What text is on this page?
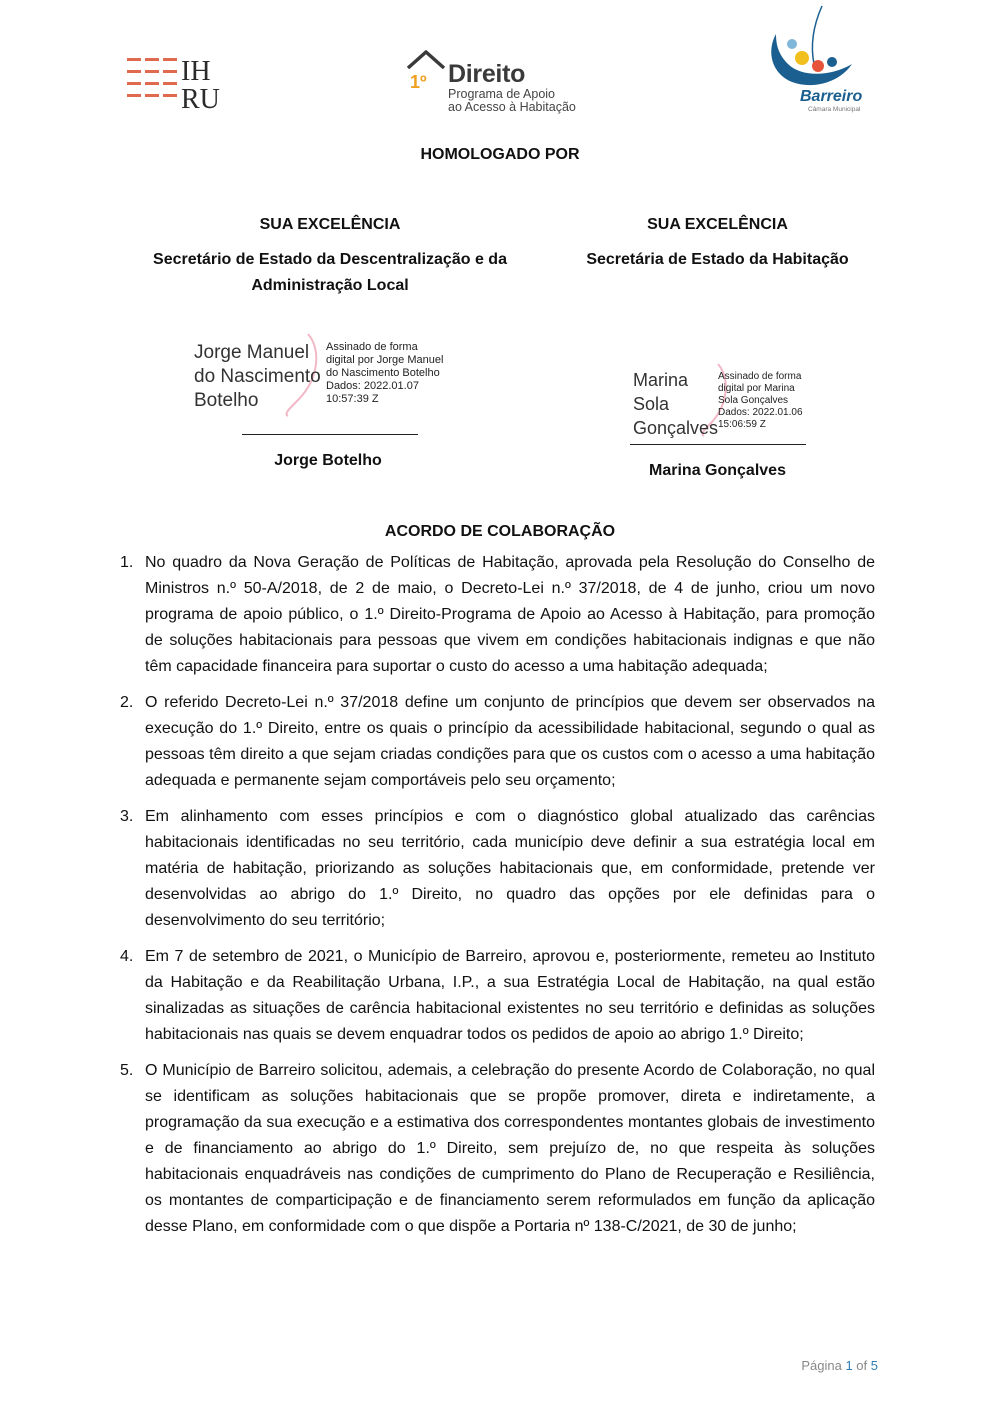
IH
RU
1º Direito
Programa de Apoio
ao Acesso à Habitação
Barreiro
Câmara Municipal
HOMOLOGADO POR
SUA EXCELÊNCIA
Secretário de Estado da Descentralização e da
Administração Local
SUA EXCELÊNCIA
Secretária de Estado da Habitação
Jorge Manuel
do Nascimento
Botelho
Assinado de forma
digital por Jorge Manuel
do Nascimento Botelho
Dados: 2022.01.07
10:57:39 Z
Jorge Botelho
Marina
Sola
Gonçalves
Assinado de forma
digital por Marina
Sola Gonçalves
Dados: 2022.01.06
15:06:59 Z
Marina Gonçalves
ACORDO DE COLABORAÇÃO
1. No quadro da Nova Geração de Políticas de Habitação, aprovada pela Resolução do Conselho de Ministros n.º 50-A/2018, de 2 de maio, o Decreto-Lei n.º 37/2018, de 4 de junho, criou um novo programa de apoio público, o 1.º Direito-Programa de Apoio ao Acesso à Habitação, para promoção de soluções habitacionais para pessoas que vivem em condições habitacionais indignas e que não têm capacidade financeira para suportar o custo do acesso a uma habitação adequada;
2. O referido Decreto-Lei n.º 37/2018 define um conjunto de princípios que devem ser observados na execução do 1.º Direito, entre os quais o princípio da acessibilidade habitacional, segundo o qual as pessoas têm direito a que sejam criadas condições para que os custos com o acesso a uma habitação adequada e permanente sejam comportáveis pelo seu orçamento;
3. Em alinhamento com esses princípios e com o diagnóstico global atualizado das carências habitacionais identificadas no seu território, cada município deve definir a sua estratégia local em matéria de habitação, priorizando as soluções habitacionais que, em conformidade, pretende ver desenvolvidas ao abrigo do 1.º Direito, no quadro das opções por ele definidas para o desenvolvimento do seu território;
4. Em 7 de setembro de 2021, o Município de Barreiro, aprovou e, posteriormente, remeteu ao Instituto da Habitação e da Reabilitação Urbana, I.P., a sua Estratégia Local de Habitação, na qual estão sinalizadas as situações de carência habitacional existentes no seu território e definidas as soluções habitacionais nas quais se devem enquadrar todos os pedidos de apoio ao abrigo 1.º Direito;
5. O Município de Barreiro solicitou, ademais, a celebração do presente Acordo de Colaboração, no qual se identificam as soluções habitacionais que se propõe promover, direta e indiretamente, a programação da sua execução e a estimativa dos correspondentes montantes globais de investimento e de financiamento ao abrigo do 1.º Direito, sem prejuízo de, no que respeita às soluções habitacionais enquadráveis nas condições de cumprimento do Plano de Recuperação e Resiliência, os montantes de comparticipação e de financiamento serem reformulados em função da aplicação desse Plano, em conformidade com o que dispõe a Portaria nº 138-C/2021, de 30 de junho;
Página 1 of 5
